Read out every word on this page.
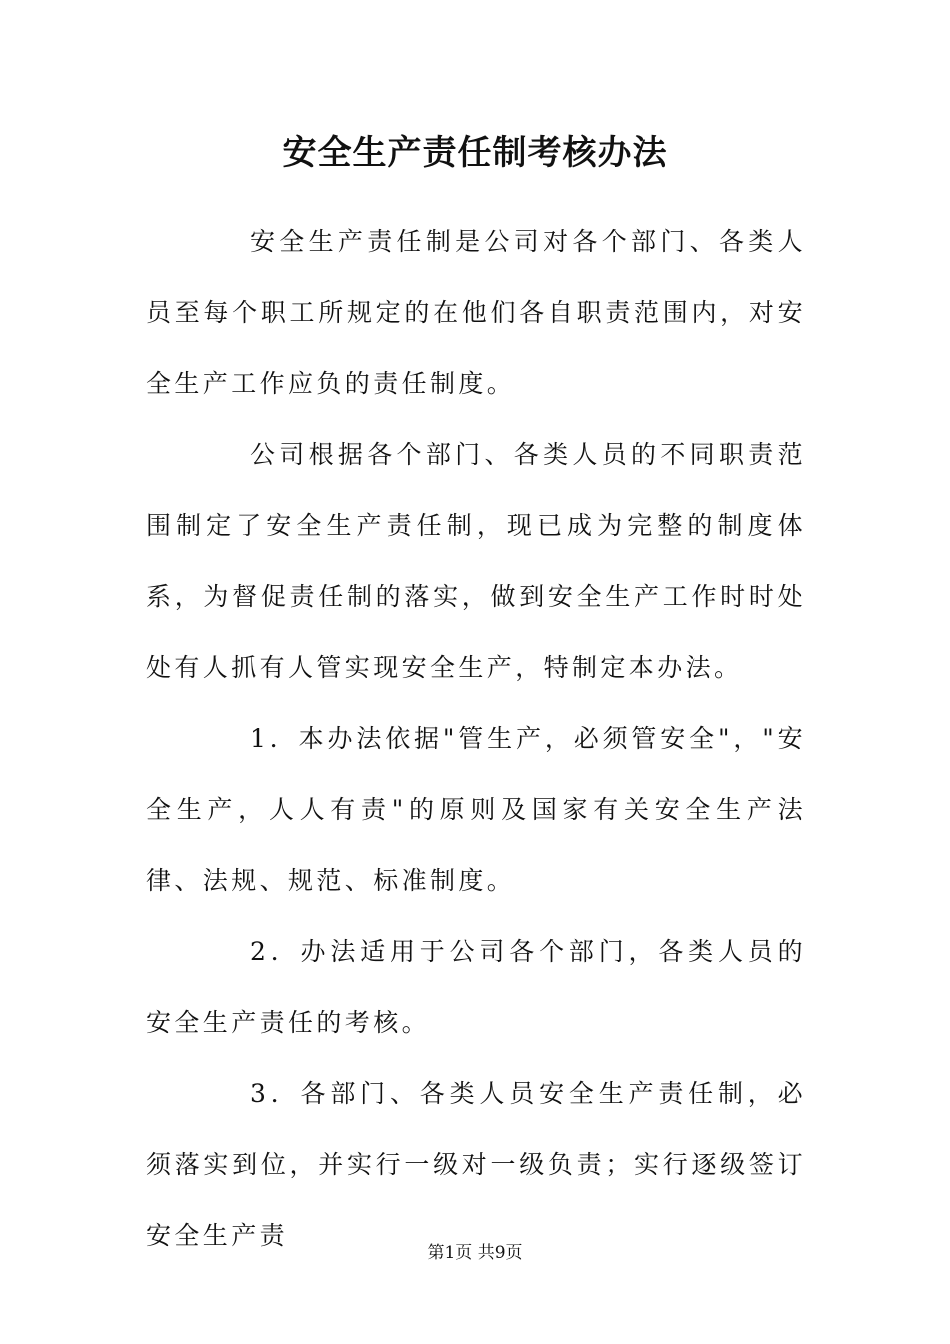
安全生产责任制考核办法

安全生产责任制是公司对各个部门、各类人员至每个职工所规定的在他们各自职责范围内，对安全生产工作应负的责任制度。

公司根据各个部门、各类人员的不同职责范围制定了安全生产责任制，现已成为完整的制度体系，为督促责任制的落实，做到安全生产工作时时处处有人抓有人管实现安全生产，特制定本办法。

1．本办法依据"管生产，必须管安全"，"安全生产，人人有责"的原则及国家有关安全生产法律、法规、规范、标准制度。

2．办法适用于公司各个部门，各类人员的安全生产责任的考核。

3．各部门、各类人员安全生产责任制，必须落实到位，并实行一级对一级负责；实行逐级签订安全生产责

第1页 共9页
